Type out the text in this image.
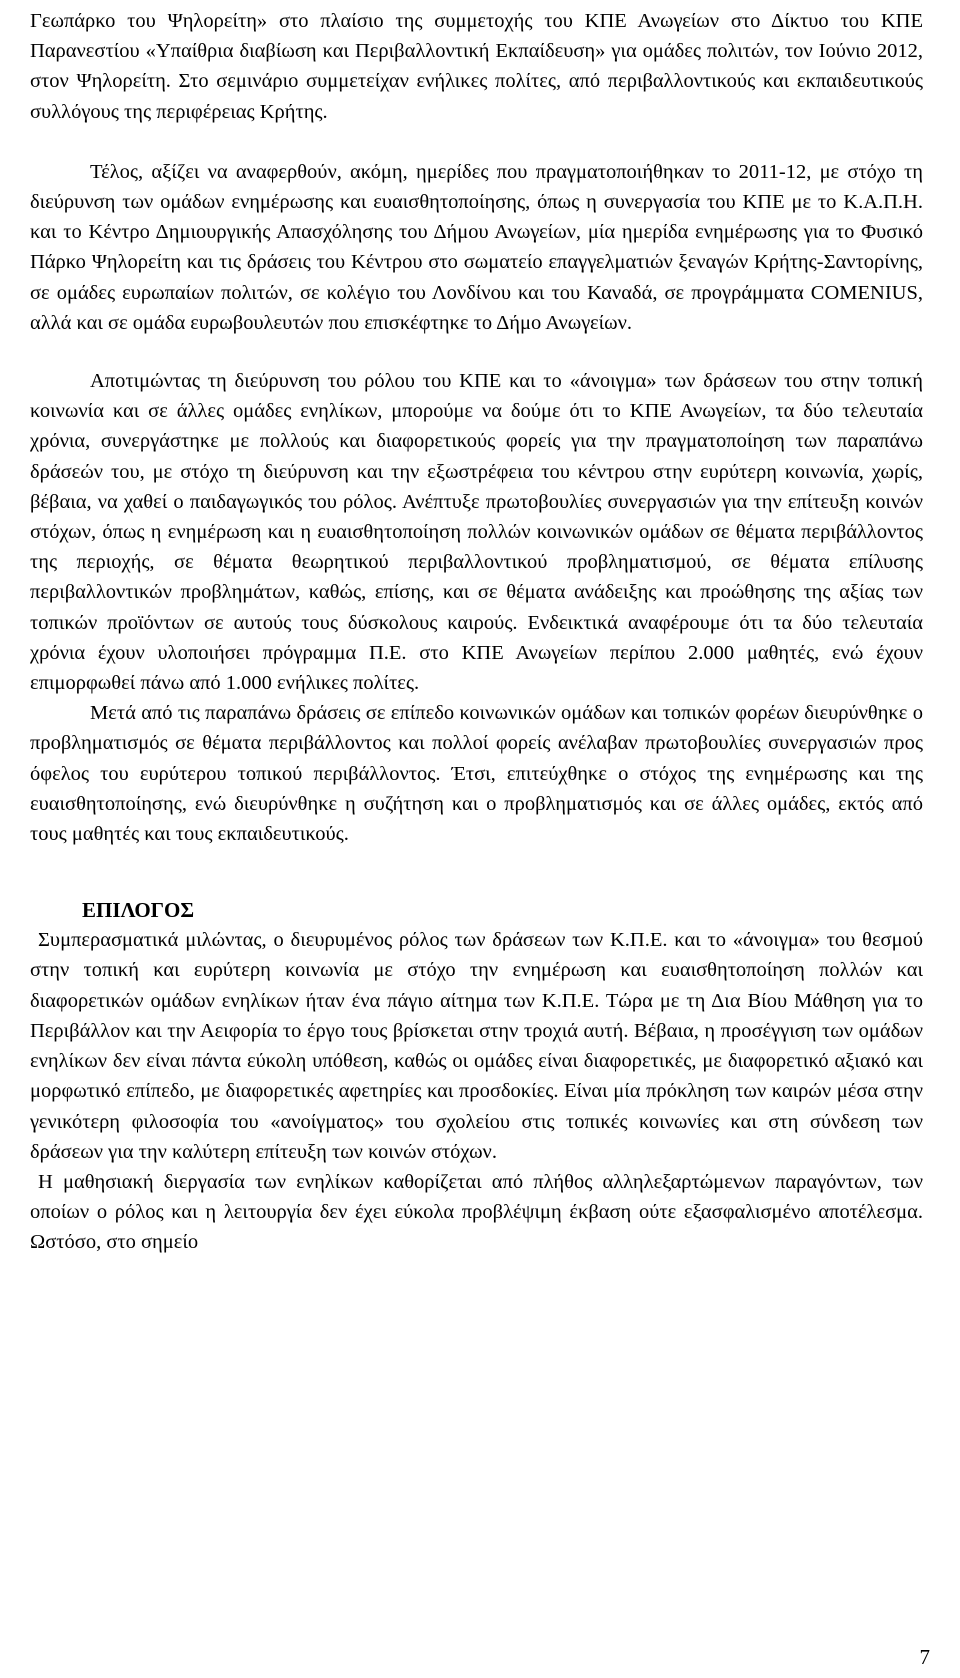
Γεωπάρκο του Ψηλορείτη» στο πλαίσιο της συμμετοχής του ΚΠΕ Ανωγείων στο Δίκτυο του ΚΠΕ Παρανεστίου «Υπαίθρια διαβίωση και Περιβαλλοντική Εκπαίδευση» για ομάδες πολιτών, τον Ιούνιο 2012, στον Ψηλορείτη. Στο σεμινάριο συμμετείχαν ενήλικες πολίτες, από περιβαλλοντικούς και εκπαιδευτικούς συλλόγους της περιφέρειας Κρήτης.

Τέλος, αξίζει να αναφερθούν, ακόμη, ημερίδες που πραγματοποιήθηκαν το 2011-12, με στόχο τη διεύρυνση των ομάδων ενημέρωσης και ευαισθητοποίησης, όπως η συνεργασία του ΚΠΕ με το Κ.Α.Π.Η. και το Κέντρο Δημιουργικής Απασχόλησης του Δήμου Ανωγείων, μία ημερίδα ενημέρωσης για το Φυσικό Πάρκο Ψηλορείτη και τις δράσεις του Κέντρου στο σωματείο επαγγελματιών ξεναγών Κρήτης-Σαντορίνης, σε ομάδες ευρωπαίων πολιτών, σε κολέγιο του Λονδίνου και του Καναδά, σε προγράμματα COMENIUS, αλλά και σε ομάδα ευρωβουλευτών που επισκέφτηκε το Δήμο Ανωγείων.

Αποτιμώντας τη διεύρυνση του ρόλου του ΚΠΕ και το «άνοιγμα» των δράσεων του στην τοπική κοινωνία και σε άλλες ομάδες ενηλίκων, μπορούμε να δούμε ότι το ΚΠΕ Ανωγείων, τα δύο τελευταία χρόνια, συνεργάστηκε με πολλούς και διαφορετικούς φορείς για την πραγματοποίηση των παραπάνω δράσεών του, με στόχο τη διεύρυνση και την εξωστρέφεια του κέντρου στην ευρύτερη κοινωνία, χωρίς, βέβαια, να χαθεί ο παιδαγωγικός του ρόλος. Ανέπτυξε πρωτοβουλίες συνεργασιών για την επίτευξη κοινών στόχων, όπως η ενημέρωση και η ευαισθητοποίηση πολλών κοινωνικών ομάδων σε θέματα περιβάλλοντος της περιοχής, σε θέματα θεωρητικού περιβαλλοντικού προβληματισμού, σε θέματα επίλυσης περιβαλλοντικών προβλημάτων, καθώς, επίσης, και σε θέματα ανάδειξης και προώθησης της αξίας των τοπικών προϊόντων σε αυτούς τους δύσκολους καιρούς. Ενδεικτικά αναφέρουμε ότι τα δύο τελευταία χρόνια έχουν υλοποιήσει πρόγραμμα Π.Ε. στο ΚΠΕ Ανωγείων περίπου 2.000 μαθητές, ενώ έχουν επιμορφωθεί πάνω από 1.000 ενήλικες πολίτες.

Μετά από τις παραπάνω δράσεις σε επίπεδο κοινωνικών ομάδων και τοπικών φορέων διευρύνθηκε ο προβληματισμός σε θέματα περιβάλλοντος και πολλοί φορείς ανέλαβαν πρωτοβουλίες συνεργασιών προς όφελος του ευρύτερου τοπικού περιβάλλοντος. Έτσι, επιτεύχθηκε ο στόχος της ενημέρωσης και της ευαισθητοποίησης, ενώ διευρύνθηκε η συζήτηση και ο προβληματισμός και σε άλλες ομάδες, εκτός από τους μαθητές και τους εκπαιδευτικούς.

ΕΠΙΛΟΓΟΣ

Συμπερασματικά μιλώντας, ο διευρυμένος ρόλος των δράσεων των Κ.Π.Ε. και το «άνοιγμα» του θεσμού στην τοπική και ευρύτερη κοινωνία με στόχο την ενημέρωση και ευαισθητοποίηση πολλών και διαφορετικών ομάδων ενηλίκων ήταν ένα πάγιο αίτημα των Κ.Π.Ε. Τώρα με τη Δια Βίου Μάθηση για το Περιβάλλον και την Αειφορία το έργο τους βρίσκεται στην τροχιά αυτή. Βέβαια, η προσέγγιση των ομάδων ενηλίκων δεν είναι πάντα εύκολη υπόθεση, καθώς οι ομάδες είναι διαφορετικές, με διαφορετικό αξιακό και μορφωτικό επίπεδο, με διαφορετικές αφετηρίες και προσδοκίες. Είναι μία πρόκληση των καιρών μέσα στην γενικότερη φιλοσοφία του «ανοίγματος» του σχολείου στις τοπικές κοινωνίες και στη σύνδεση των δράσεων για την καλύτερη επίτευξη των κοινών στόχων.

Η μαθησιακή διεργασία των ενηλίκων καθορίζεται από πλήθος αλληλεξαρτώμενων παραγόντων, των οποίων ο ρόλος και η λειτουργία δεν έχει εύκολα προβλέψιμη έκβαση ούτε εξασφαλισμένο αποτέλεσμα. Ωστόσο, στο σημείο

7
